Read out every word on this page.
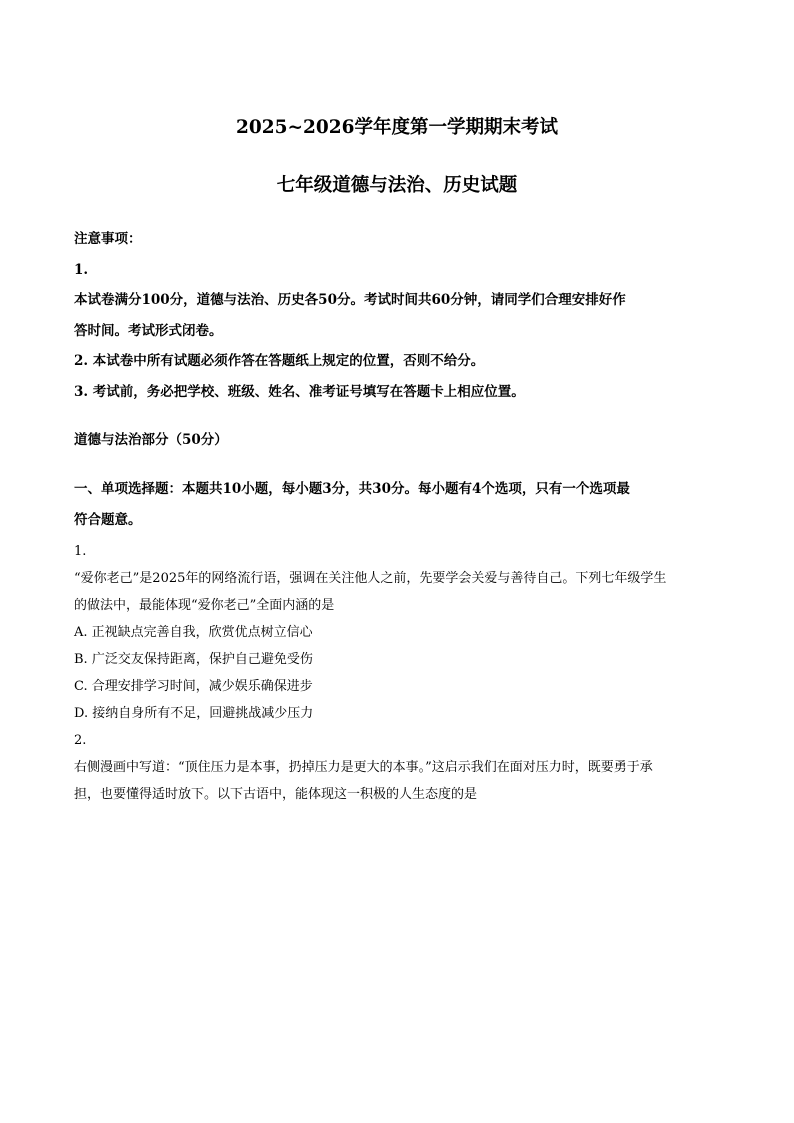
2025~2026学年度第一学期期末考试
七年级道德与法治、历史试题
注意事项：
1.
本试卷满分100分，道德与法治、历史各50分。考试时间共60分钟，请同学们合理安排好作
答时间。考试形式闭卷。
2. 本试卷中所有试题必须作答在答题纸上规定的位置，否则不给分。
3. 考试前，务必把学校、班级、姓名、准考证号填写在答题卡上相应位置。
道德与法治部分（50分）
一、单项选择题：本题共10小题，每小题3分，共30分。每小题有4个选项，只有一个选项最
符合题意。
1.
“爱你老己”是2025年的网络流行语，强调在关注他人之前，先要学会关爱与善待自己。下列七年级学生
的做法中，最能体现“爱你老己”全面内涵的是
A. 正视缺点完善自我，欣赏优点树立信心
B. 广泛交友保持距离，保护自己避免受伤
C. 合理安排学习时间，减少娱乐确保进步
D. 接纳自身所有不足，回避挑战减少压力
2.
右侧漫画中写道：“顶住压力是本事，扔掉压力是更大的本事。”这启示我们在面对压力时，既要勇于承
担，也要懂得适时放下。以下古语中，能体现这一积极的人生态度的是
